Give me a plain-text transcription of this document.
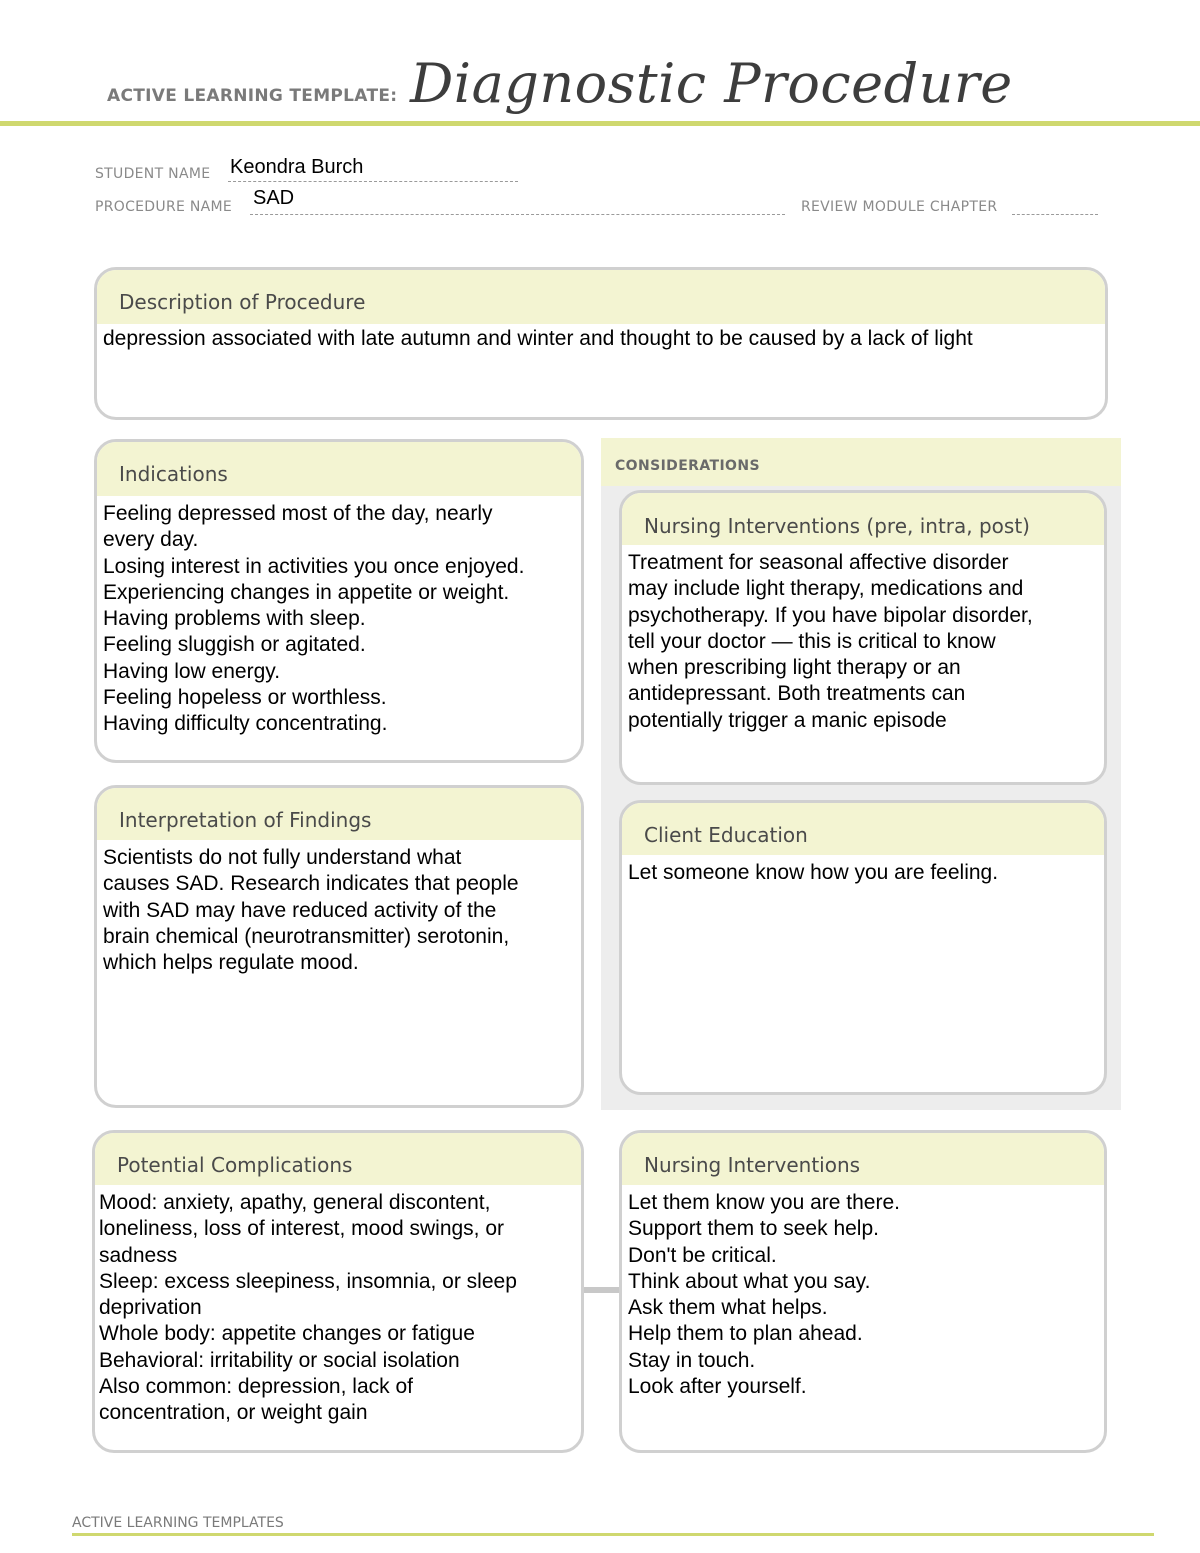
ACTIVE LEARNING TEMPLATE: Diagnostic Procedure
STUDENT NAME Keondra Burch
PROCEDURE NAME SAD	REVIEW MODULE CHAPTER
Description of Procedure
depression associated with late autumn and winter and thought to be caused by a lack of light
CONSIDERATIONS
Indications
Feeling depressed most of the day, nearly
every day.
Losing interest in activities you once enjoyed.
Experiencing changes in appetite or weight.
Having problems with sleep.
Feeling sluggish or agitated.
Having low energy.
Feeling hopeless or worthless.
Having difficulty concentrating.
Nursing Interventions (pre, intra, post)
Treatment for seasonal affective disorder
may include light therapy, medications and
psychotherapy. If you have bipolar disorder,
tell your doctor — this is critical to know
when prescribing light therapy or an
antidepressant. Both treatments can
potentially trigger a manic episode
Interpretation of Findings
Scientists do not fully understand what
causes SAD. Research indicates that people
with SAD may have reduced activity of the
brain chemical (neurotransmitter) serotonin,
which helps regulate mood.
Client Education
Let someone know how you are feeling.
Potential Complications
Mood: anxiety, apathy, general discontent,
loneliness, loss of interest, mood swings, or
sadness
Sleep: excess sleepiness, insomnia, or sleep
deprivation
Whole body: appetite changes or fatigue
Behavioral: irritability or social isolation
Also common: depression, lack of
concentration, or weight gain
Nursing Interventions
Let them know you are there.
Support them to seek help.
Don't be critical.
Think about what you say.
Ask them what helps.
Help them to plan ahead.
Stay in touch.
Look after yourself.
ACTIVE LEARNING TEMPLATES
